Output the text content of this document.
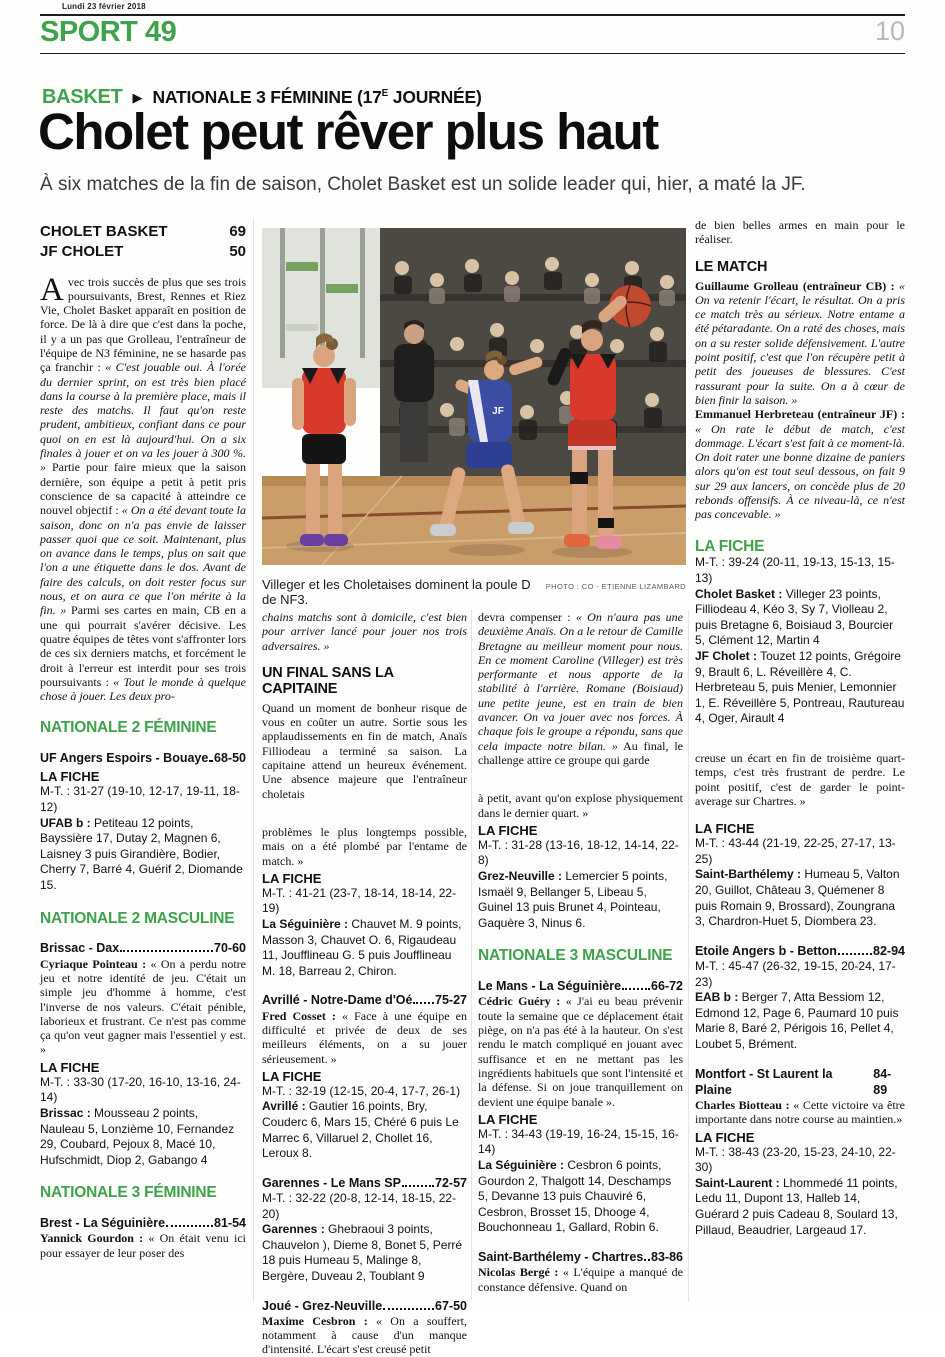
Lundi 23 février 2018
SPORT 49	10
BASKET ▶ NATIONALE 3 FÉMININE ($17^E$ JOURNÉE)
Cholet peut rêver plus haut

À six matches de la fin de saison, Cholet Basket est un solide leader qui, hier, a maté la JF.

CHOLET BASKET	69
JF CHOLET	50

Avec trois succès de plus que ses trois poursuivants, Brest, Rennes et Riez Vie, Cholet Basket apparaît en position de force. De là à dire que c'est dans la poche, il y a un pas que Grolleau, l'entraîneur de l'équipe de N3 féminine, ne se hasarde pas ça franchir : « C'est jouable oui. À l'orée du dernier sprint, on est très bien placé dans la course à la première place, mais il reste des matchs. Il faut qu'on reste prudent, ambitieux, confiant dans ce pour quoi on en est là aujourd'hui. On a six finales à jouer et on va les jouer à 300 %. » Partie pour faire mieux que la saison dernière, son équipe a petit à petit pris conscience de sa capacité à atteindre ce nouvel objectif : « On a été devant toute la saison, donc on n'a pas envie de laisser passer quoi que ce soit. Maintenant, plus on avance dans le temps, plus on sait que l'on a une étiquette dans le dos. Avant de faire des calculs, on doit rester focus sur nous, et on aura ce que l'on mérite à la fin. » Parmi ses cartes en main, CB en a une qui pourrait s'avérer décisive. Les quatre équipes de têtes vont s'affronter lors de ces six derniers matchs, et forcément le droit à l'erreur est interdit pour ses trois poursuivants : « Tout le monde à quelque chose à jouer. Les deux pro-

NATIONALE 2 FÉMININE
UF Angers Espoirs - Bouaye 68-50
LA FICHE

M-T. : 31-27 (19-10, 12-17, 19-11, 18-12)

UFAB b : Petiteau 12 points, Bayssière 17, Dutay 2, Magnen 6, Laisney 3 puis Girandière, Bodier, Cherry 7, Barré 4, Guérif 2, Diomande 15.

NATIONALE 2 MASCULINE
Brissac - Dax	70-60

Cyriaque Pointeau : « On a perdu notre jeu et notre identité de jeu. C'était un simple jeu d'homme à homme, c'est l'inverse de nos valeurs. C'était pénible, laborieux et frustrant. Ce n'est pas comme ça qu'on veut gagner mais l'essentiel y est. »

LA FICHE

M-T. : 33-30 (17-20, 16-10, 13-16, 24-14)

Brissac : Mousseau 2 points, Nauleau 5, Lonzième 10, Fernandez 29, Coubard, Pejoux 8, Macé 10, Hufschmidt, Diop 2, Gabango 4

NATIONALE 3 FÉMININE
Brest - La Séguinière	81-54

Yannick Gourdon : « On était venu ici pour essayer de leur poser des

JF
Villeger et les Choletaises dominent la poule D de NF3.
PHOTO : CO - ETIENNE LIZAMBARD

chains matchs sont à domicile, c'est bien pour arriver lancé pour jouer nos trois adversaires. »

UN FINAL SANS LA CAPITAINE

Quand un moment de bonheur risque de vous en coûter un autre. Sortie sous les applaudissements en fin de match, Anaïs Filliodeau a terminé sa saison. La capitaine attend un heureux événement. Une absence majeure que l'entraîneur choletais

problèmes le plus longtemps possible, mais on a été plombé par l'entame de match. »

LA FICHE

M-T. : 41-21 (23-7, 18-14, 18-14, 22-19)

La Séguinière : Chauvet M. 9 points, Masson 3, Chauvet O. 6, Rigaudeau 11, Joufflineau G. 5 puis Joufflineau M. 18, Barreau 2, Chiron.

Avrillé - Notre-Dame d'Oé 75-27

Fred Cosset : « Face à une équipe en difficulté et privée de deux de ses meilleurs éléments, on a su jouer sérieusement. »

LA FICHE

M-T. : 32-19 (12-15, 20-4, 17-7, 26-1)

Avrillé : Gautier 16 points, Bry, Couderc 6, Mars 15, Chéré 6 puis Le Marrec 6, Villaruel 2, Chollet 16, Leroux 8.

Garennes - Le Mans SP	72-57

M-T. : 32-22 (20-8, 12-14, 18-15, 22-20)

Garennes : Ghebraoui 3 points, Chauvelon ), Dieme 8, Bonet 5, Perré 18 puis Humeau 5, Malinge 8, Bergère, Duveau 2, Toublant 9

Joué - Grez-Neuville	67-50

Maxime Cesbron : « On a souffert, notamment à cause d'un manque d'intensité. L'écart s'est creusé petit

devra compenser : « On n'aura pas une deuxième Anaïs. On a le retour de Camille Bretagne au meilleur moment pour nous. En ce moment Caroline (Villeger) est très performante et nous apporte de la stabilité à l'arrière. Romane (Boisiaud) une petite jeune, est en train de bien avancer. On va jouer avec nos forces. À chaque fois le groupe a répondu, sans que cela impacte notre bilan. » Au final, le challenge attire ce groupe qui garde

à petit, avant qu'on explose physiquement dans le dernier quart. »

LA FICHE

M-T. : 31-28 (13-16, 18-12, 14-14, 22-8)

Grez-Neuville : Lemercier 5 points, Ismaël 9, Bellanger 5, Libeau 5, Guinel 13 puis Brunet 4, Pointeau, Gaquère 3, Ninus 6.

NATIONALE 3 MASCULINE
Le Mans - La Séguinière 66-72

Cédric Guéry : « J'ai eu beau prévenir toute la semaine que ce déplacement était piège, on n'a pas été à la hauteur. On s'est rendu le match compliqué en jouant avec suffisance et en ne mettant pas les ingrédients habituels que sont l'intensité et la défense. Si on joue tranquillement on devient une équipe banale ».

LA FICHE

M-T. : 34-43 (19-19, 16-24, 15-15, 16-14)

La Séguinière : Cesbron 6 points, Gourdon 2, Thalgott 14, Deschamps 5, Devanne 13 puis Chauviré 6, Cesbron, Brosset 15, Dhooge 4, Bouchonneau 1, Gallard, Robin 6.

Saint-Barthélemy - Chartres 83-86

Nicolas Bergé : « L'équipe a manqué de constance défensive. Quand on

de bien belles armes en main pour le réaliser.

LE MATCH

Guillaume Grolleau (entraîneur CB) : « On va retenir l'écart, le résultat. On a pris ce match très au sérieux. Notre entame a été pétaradante. On a raté des choses, mais on a su rester solide défensivement. L'autre point positif, c'est que l'on récupère petit à petit des joueuses de blessures. C'est rassurant pour la suite. On a à cœur de bien finir la saison. »

Emmanuel Herbreteau (entraîneur JF) : « On rate le début de match, c'est dommage. L'écart s'est fait à ce moment-là. On doit rater une bonne dizaine de paniers alors qu'on est tout seul dessous, on fait 9 sur 29 aux lancers, on concède plus de 20 rebonds offensifs. À ce niveau-là, ce n'est pas concevable. »

LA FICHE

M-T. : 39-24 (20-11, 19-13, 15-13, 15-13)

Cholet Basket : Villeger 23 points, Filliodeau 4, Kéo 3, Sy 7, Violleau 2, puis Bretagne 6, Boisiaud 3, Bourcier 5, Clément 12, Martin 4

JF Cholet : Touzet 12 points, Grégoire 9, Brault 6, L. Réveillère 4, C. Herbreteau 5, puis Menier, Lemonnier 1, E. Réveillère 5, Pontreau, Rautureau 4, Oger, Airault 4

creuse un écart en fin de troisième quart-temps, c'est très frustrant de perdre. Le point positif, c'est de garder le point-average sur Chartres. »

LA FICHE

M-T. : 43-44 (21-19, 22-25, 27-17, 13-25)

Saint-Barthélemy : Humeau 5, Valton 20, Guillot, Château 3, Quémener 8 puis Romain 9, Brossard), Zoungrana 3, Chardron-Huet 5, Diombera 23.

Etoile Angers b - Betton	82-94

M-T. : 45-47 (26-32, 19-15, 20-24, 17-23)

EAB b : Berger 7, Atta Bessiom 12, Edmond 12, Page 6, Paumard 10 puis Marie 8, Baré 2, Périgois 16, Pellet 4, Loubet 5, Brément.

Montfort - St Laurent la Plaine
84-89

Charles Biotteau : « Cette victoire va être importante dans notre course au maintien.»

LA FICHE

M-T. : 38-43 (23-20, 15-23, 24-10, 22-30)

Saint-Laurent : Lhommedé 11 points, Ledu 11, Dupont 13, Halleb 14, Guérard 2 puis Cadeau 8, Soulard 13, Pillaud, Beaudrier, Largeaud 17.
